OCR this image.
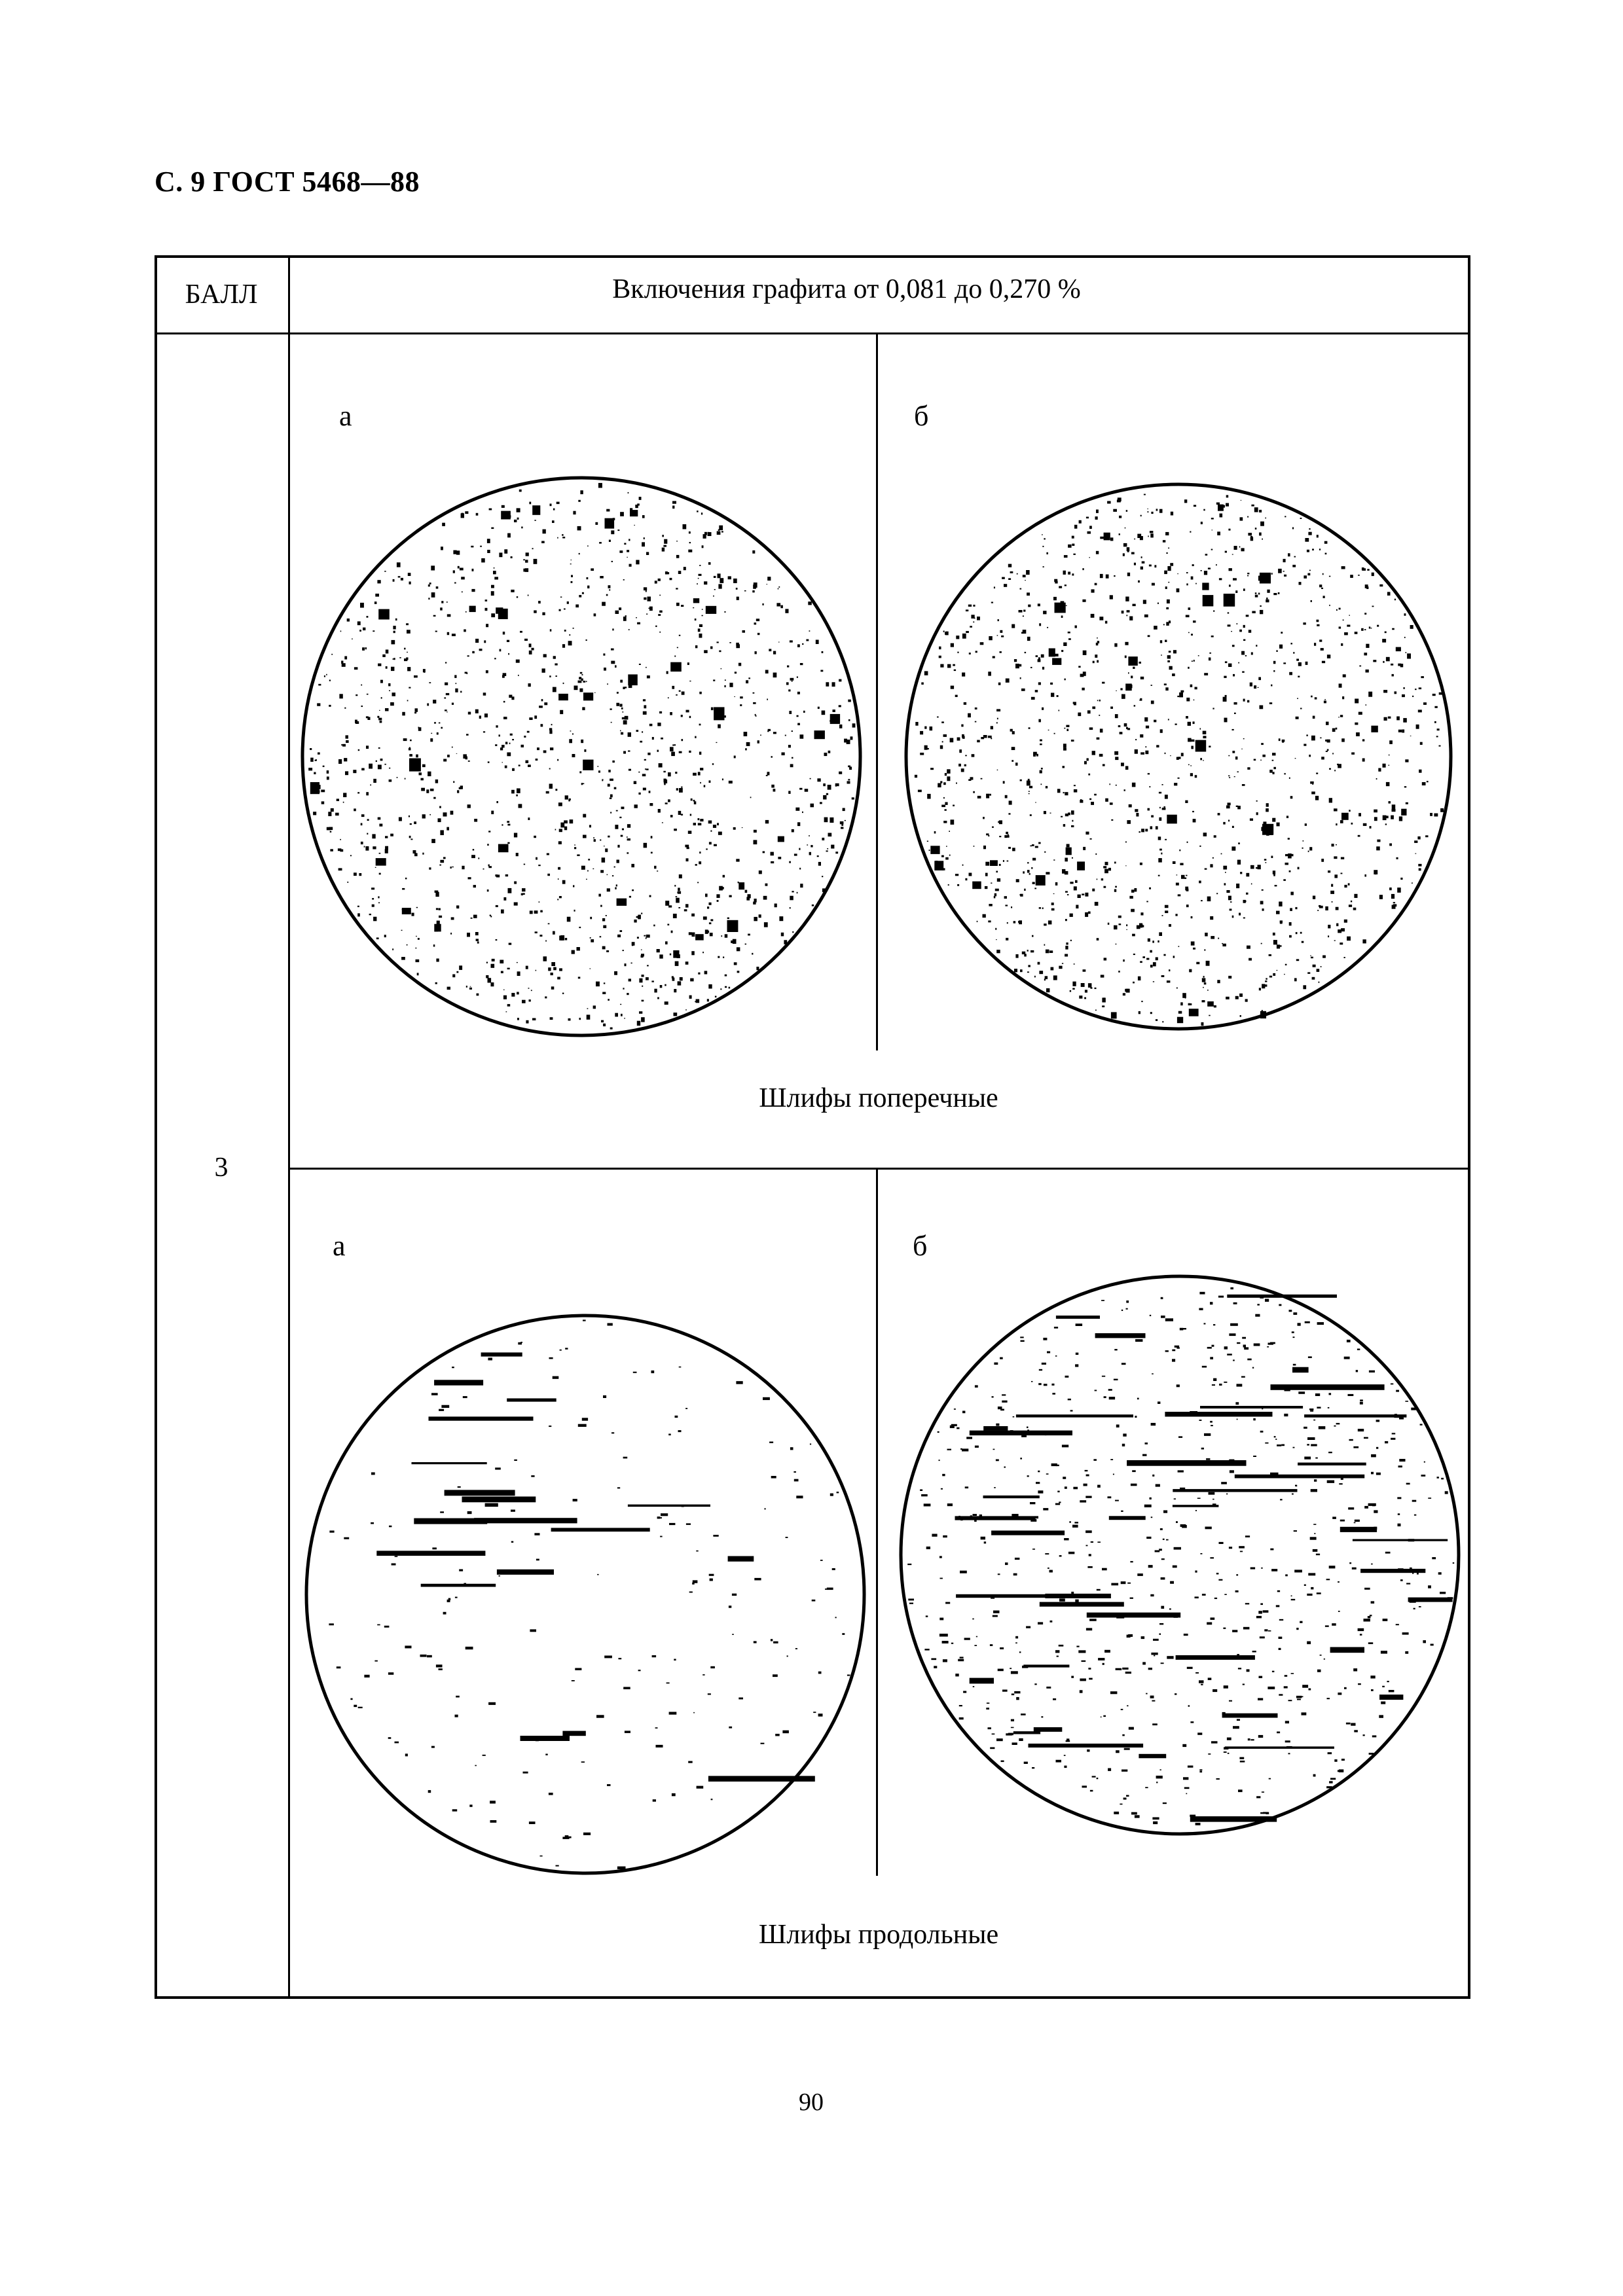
С. 9 ГОСТ 5468—88
БАЛЛ	Включения графита от 0,081 до 0,270 %
3
а	б
Шлифы поперечные
а	б
Шлифы продольные
90
